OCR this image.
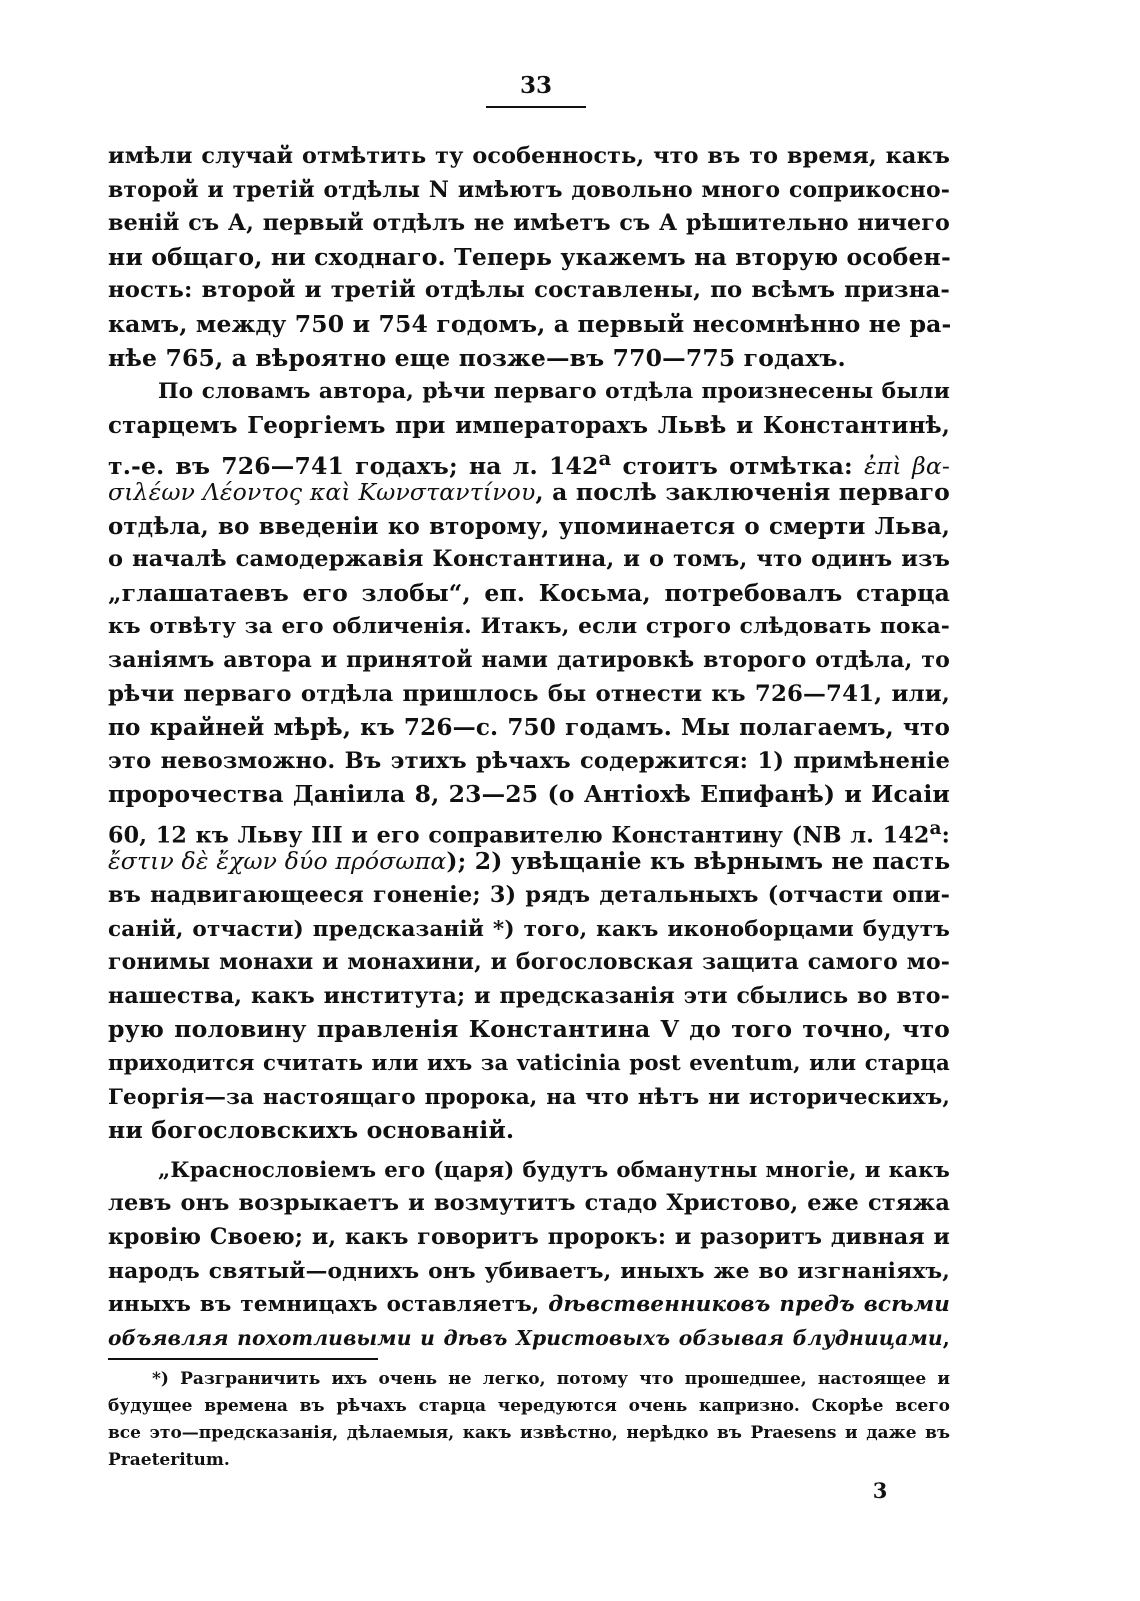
33
имѣли случай отмѣтить ту особенность, что въ то время, какъ
второй и третій отдѣлы N имѣютъ довольно много соприкосно-
веній съ А, первый отдѣлъ не имѣетъ съ А рѣшительно ничего
ни общаго, ни сходнаго. Теперь укажемъ на вторую особен-
ность: второй и третій отдѣлы составлены, по всѣмъ призна-
камъ, между 750 и 754 годомъ, а первый несомнѣнно не ра-
нѣе 765, а вѣроятно еще позже—въ 770—775 годахъ.
По словамъ автора, рѣчи перваго отдѣла произнесены были
старцемъ Георгіемъ при императорахъ Львѣ и Константинѣ,
т.-е. въ 726—741 годахъ; на л. $142^а$ стоитъ отмѣтка: ἐπὶ βα-
σιλέων Λέοντος καὶ Κωνσταντίνου, а послѣ заключенія перваго
отдѣла, во введеніи ко второму, упоминается о смерти Льва,
о началѣ самодержавія Константина, и о томъ, что одинъ изъ
„глашатаевъ его злобы“, еп. Косьма, потребовалъ старца
къ отвѣту за его обличенія. Итакъ, если строго слѣдовать пока-
заніямъ автора и принятой нами датировкѣ второго отдѣла, то
рѣчи перваго отдѣла пришлось бы отнести къ 726—741, или,
по крайней мѣрѣ, къ 726—с. 750 годамъ. Мы полагаемъ, что
это невозможно. Въ этихъ рѣчахъ содержится: 1) примѣненіе
пророчества Даніила 8, 23—25 (о Антіохѣ Епифанѣ) и Исаіи
60, 12 къ Льву III и его соправителю Константину (NB л. $142^а$:
ἔστιν δὲ ἔχων δύο πρόσωπα); 2) увѣщаніе къ вѣрнымъ не пасть
въ надвигающееся гоненіе; 3) рядъ детальныхъ (отчасти опи-
саній, отчасти) предсказаній *) того, какъ иконоборцами будутъ
гонимы монахи и монахини, и богословская защита самого мо-
нашества, какъ института; и предсказанія эти сбылись во вто-
рую половину правленія Константина V до того точно, что
приходится считать или ихъ за vaticinia post eventum, или старца
Георгія—за настоящаго пророка, на что нѣтъ ни историческихъ,
ни богословскихъ основаній.
„Краснословіемъ его (царя) будутъ обманутны многіе, и какъ
левъ онъ возрыкаетъ и возмутитъ стадо Христово, еже стяжа
кровію Своею; и, какъ говоритъ пророкъ: и разоритъ дивная и
народъ святый—однихъ онъ убиваетъ, иныхъ же во изгнаніяхъ,
иныхъ въ темницахъ оставляетъ, дѣвственниковъ предъ всѣми
объявляя похотливыми и дѣвъ Христовыхъ обзывая блудницами,
*) Разграничить ихъ очень не легко, потому что прошедшее, настоящее и
будущее времена въ рѣчахъ старца чередуются очень капризно. Скорѣе всего
все это—предсказанія, дѣлаемыя, какъ извѣстно, нерѣдко въ Praesens и даже въ
Praeteritum.
3
